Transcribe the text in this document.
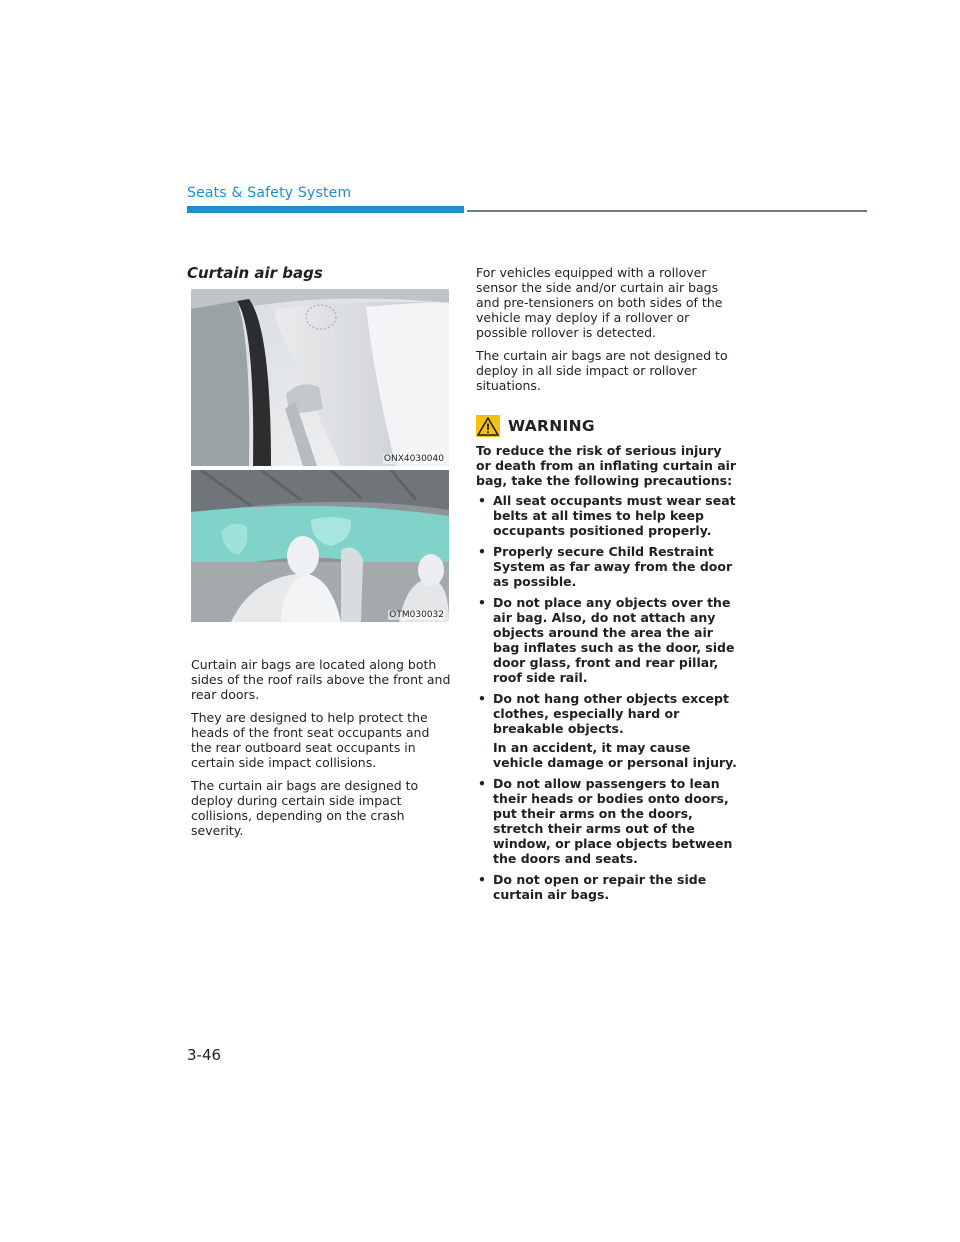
Seats & Safety System
Curtain air bags
ONX4030040
OTM030032

Curtain air bags are located along both sides of the roof rails above the front and rear doors.

They are designed to help protect the heads of the front seat occupants and the rear outboard seat occupants in certain side impact collisions.

The curtain air bags are designed to deploy during certain side impact collisions, depending on the crash severity.

For vehicles equipped with a rollover sensor the side and/or curtain air bags and pre-tensioners on both sides of the vehicle may deploy if a rollover or possible rollover is detected.

The curtain air bags are not designed to deploy in all side impact or rollover situations.

WARNING

To reduce the risk of serious injury or death from an inflating curtain air bag, take the following precautions:

• All seat occupants must wear seat belts at all times to help keep occupants positioned properly.
• Properly secure Child Restraint System as far away from the door as possible.
• Do not place any objects over the air bag. Also, do not attach any objects around the area the air bag inflates such as the door, side door glass, front and rear pillar, roof side rail.
• Do not hang other objects except clothes, especially hard or breakable objects.
In an accident, it may cause vehicle damage or personal injury.
• Do not allow passengers to lean their heads or bodies onto doors, put their arms on the doors, stretch their arms out of the window, or place objects between the doors and seats.
• Do not open or repair the side curtain air bags.
3-46
